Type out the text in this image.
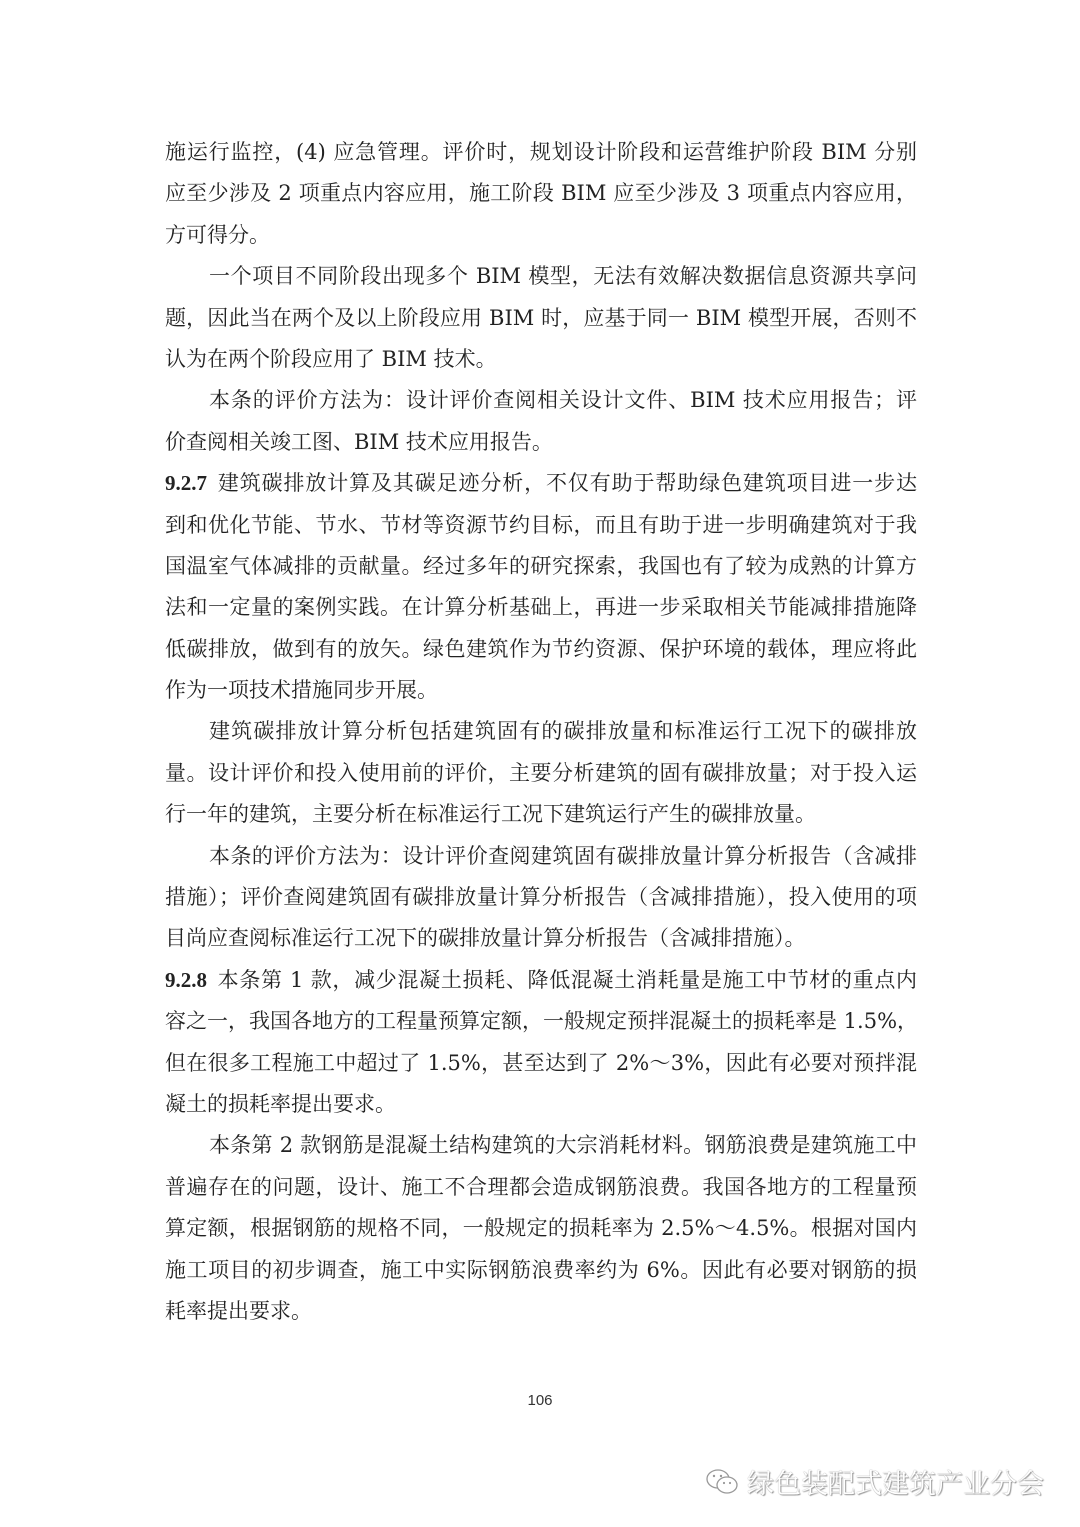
施运行监控，(4) 应急管理。评价时，规划设计阶段和运营维护阶段 BIM 分别
应至少涉及 2 项重点内容应用，施工阶段 BIM 应至少涉及 3 项重点内容应用，
方可得分。
一个项目不同阶段出现多个 BIM 模型，无法有效解决数据信息资源共享问
题，因此当在两个及以上阶段应用 BIM 时，应基于同一 BIM 模型开展，否则不
认为在两个阶段应用了 BIM 技术。
本条的评价方法为：设计评价查阅相关设计文件、BIM 技术应用报告；评
价查阅相关竣工图、BIM 技术应用报告。
9.2.7 建筑碳排放计算及其碳足迹分析，不仅有助于帮助绿色建筑项目进一步达
到和优化节能、节水、节材等资源节约目标，而且有助于进一步明确建筑对于我
国温室气体减排的贡献量。经过多年的研究探索，我国也有了较为成熟的计算方
法和一定量的案例实践。在计算分析基础上，再进一步采取相关节能减排措施降
低碳排放，做到有的放矢。绿色建筑作为节约资源、保护环境的载体，理应将此
作为一项技术措施同步开展。
建筑碳排放计算分析包括建筑固有的碳排放量和标准运行工况下的碳排放
量。设计评价和投入使用前的评价，主要分析建筑的固有碳排放量；对于投入运
行一年的建筑，主要分析在标准运行工况下建筑运行产生的碳排放量。
本条的评价方法为：设计评价查阅建筑固有碳排放量计算分析报告（含减排
措施）；评价查阅建筑固有碳排放量计算分析报告（含减排措施），投入使用的项
目尚应查阅标准运行工况下的碳排放量计算分析报告（含减排措施）。
9.2.8 本条第 1 款，减少混凝土损耗、降低混凝土消耗量是施工中节材的重点内
容之一，我国各地方的工程量预算定额，一般规定预拌混凝土的损耗率是 1.5%，
但在很多工程施工中超过了 1.5%，甚至达到了 2%～3%，因此有必要对预拌混
凝土的损耗率提出要求。
本条第 2 款钢筋是混凝土结构建筑的大宗消耗材料。钢筋浪费是建筑施工中
普遍存在的问题，设计、施工不合理都会造成钢筋浪费。我国各地方的工程量预
算定额，根据钢筋的规格不同，一般规定的损耗率为 2.5%～4.5%。根据对国内
施工项目的初步调查，施工中实际钢筋浪费率约为 6%。因此有必要对钢筋的损
耗率提出要求。
106
绿色装配式建筑产业分会
